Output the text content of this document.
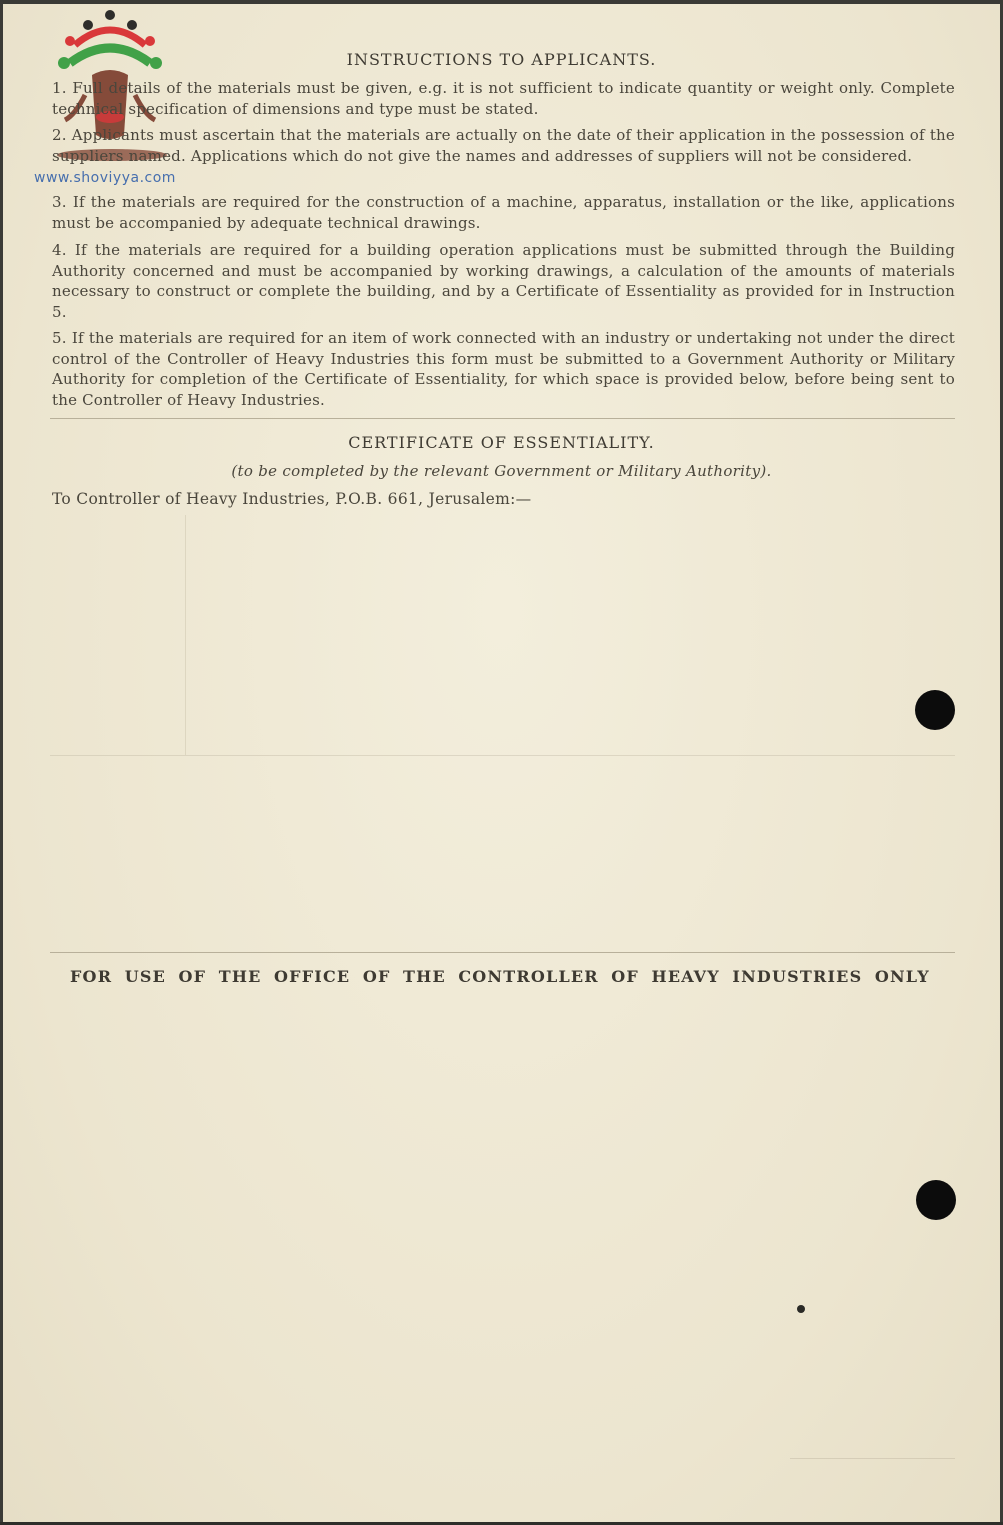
www.shoviyya.com
INSTRUCTIONS TO APPLICANTS.
1. Full details of the materials must be given, e.g. it is not sufficient to indicate quantity or weight only. Complete technical specification of dimensions and type must be stated.
2. Applicants must ascertain that the materials are actually on the date of their application in the possession of the suppliers named. Applications which do not give the names and addresses of suppliers will not be considered.
3. If the materials are required for the construction of a machine, apparatus, installation or the like, applications must be accompanied by adequate technical drawings.
4. If the materials are required for a building operation applications must be submitted through the Building Authority concerned and must be accompanied by working drawings, a calculation of the amounts of materials necessary to construct or complete the building, and by a Certificate of Essentiality as provided for in Instruction 5.
5. If the materials are required for an item of work connected with an industry or undertaking not under the direct control of the Controller of Heavy Industries this form must be submitted to a Government Authority or Military Authority for completion of the Certificate of Essentiality, for which space is provided below, before being sent to the Controller of Heavy Industries.
CERTIFICATE OF ESSENTIALITY.
(to be completed by the relevant Government or Military Authority).
To Controller of Heavy Industries, P.O.B. 661, Jerusalem:—
FOR USE OF THE OFFICE OF THE CONTROLLER OF HEAVY INDUSTRIES ONLY
